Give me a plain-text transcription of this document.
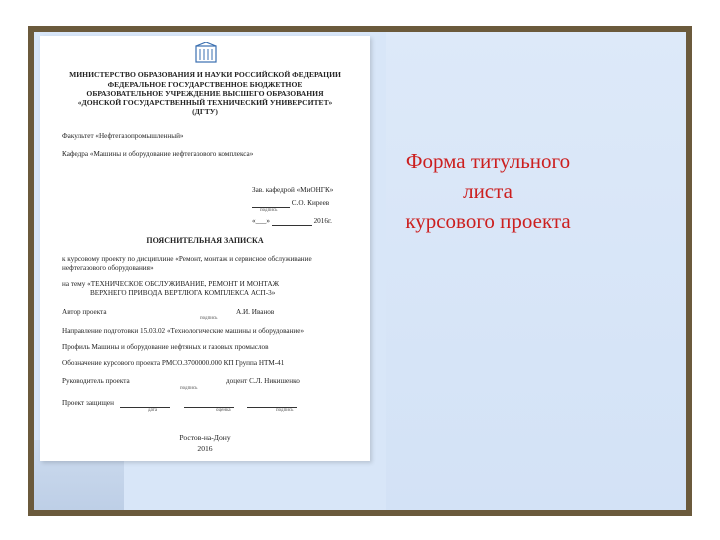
МИНИСТЕРСТВО ОБРАЗОВАНИЯ И НАУКИ РОССИЙСКОЙ ФЕДЕРАЦИИ
ФЕДЕРАЛЬНОЕ ГОСУДАРСТВЕННОЕ БЮДЖЕТНОЕ
ОБРАЗОВАТЕЛЬНОЕ УЧРЕЖДЕНИЕ ВЫСШЕГО ОБРАЗОВАНИЯ
«ДОНСКОЙ ГОСУДАРСТВЕННЫЙ ТЕХНИЧЕСКИЙ УНИВЕРСИТЕТ»
(ДГТУ)
Факультет «Нефтегазопромышленный»
Кафедра «Машины и оборудование нефтегазового комплекса»
Зав. кафедрой «МиОНГК»
С.О. Киреев
подпись
«___»	2016г.
ПОЯСНИТЕЛЬНАЯ ЗАПИСКА
к курсовому проекту по дисциплине «Ремонт, монтаж и сервисное обслуживание
нефтегазового оборудования»
на тему «ТЕХНИЧЕСКОЕ ОБСЛУЖИВАНИЕ, РЕМОНТ И МОНТАЖ
ВЕРХНЕГО ПРИВОДА ВЕРТЛЮГА КОМПЛЕКСА АСП-3»
Автор проекта	А.И. Иванов
подпись
Направление подготовки 15.03.02 «Технологические машины и оборудование»
Профиль Машины и оборудование нефтяных и газовых промыслов
Обозначение курсового проекта РМСО.3700000.000 КП Группа НТМ-41
Руководитель проекта	доцент С.Л. Никишенко
подпись
Проект защищен
дата	оценка	подпись
Ростов-на-Дону
2016
Форма титульного
листа
курсового проекта
